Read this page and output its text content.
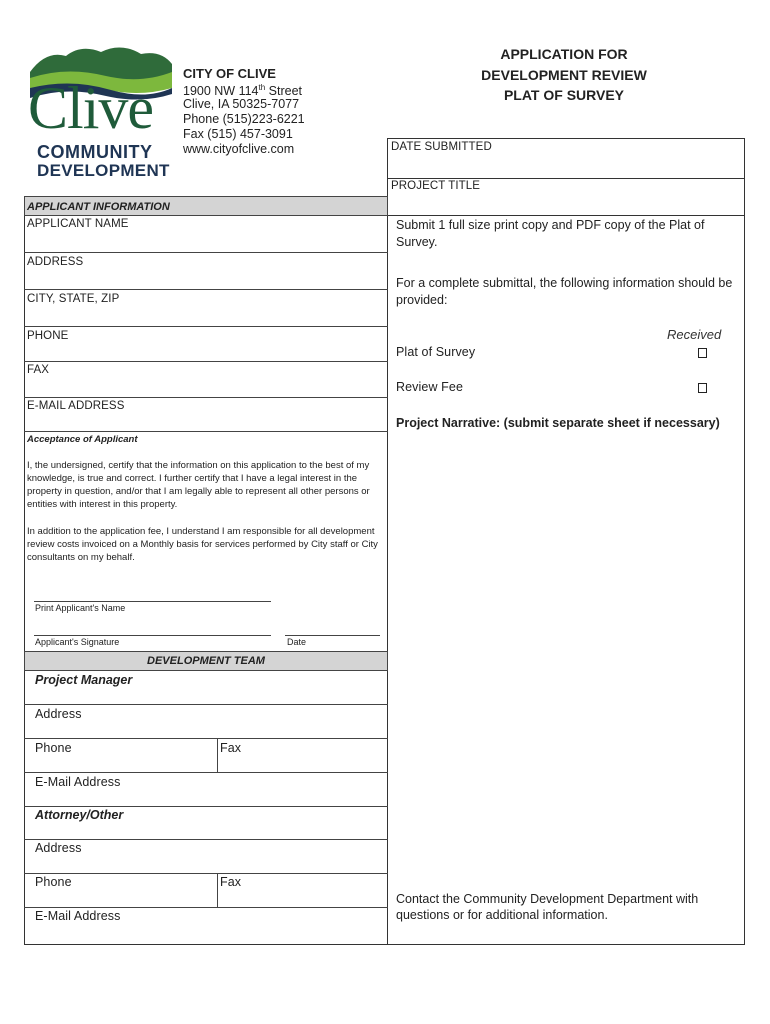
Clive
COMMUNITY
DEVELOPMENT
CITY OF CLIVE
1900 NW 114th Street
Clive, IA 50325-7077
Phone (515)223-6221
Fax (515) 457-3091
www.cityofclive.com
APPLICATION FOR
DEVELOPMENT REVIEW
PLAT OF SURVEY
DATE SUBMITTED
PROJECT TITLE
APPLICANT INFORMATION
APPLICANT NAME
ADDRESS
CITY, STATE, ZIP
PHONE
FAX
E-MAIL ADDRESS
Acceptance of Applicant
I, the undersigned, certify that the information on this application to the best of my knowledge, is true and correct. I further certify that I have a legal interest in the property in question, and/or that I am legally able to represent all other persons or entities with interest in this property.
In addition to the application fee, I understand I am responsible for all development review costs invoiced on a Monthly basis for services performed by City staff or City consultants on my behalf.
Print Applicant's Name
Applicant's Signature	Date
DEVELOPMENT TEAM
Project Manager
Address
Phone	Fax
E-Mail Address
Attorney/Other
Address
Phone	Fax
E-Mail Address
Submit 1 full size print copy and PDF copy of the Plat of Survey.
For a complete submittal, the following information should be provided:
Received
Plat of Survey
Review Fee
Project Narrative: (submit separate sheet if necessary)
Contact the Community Development Department with questions or for additional information.
